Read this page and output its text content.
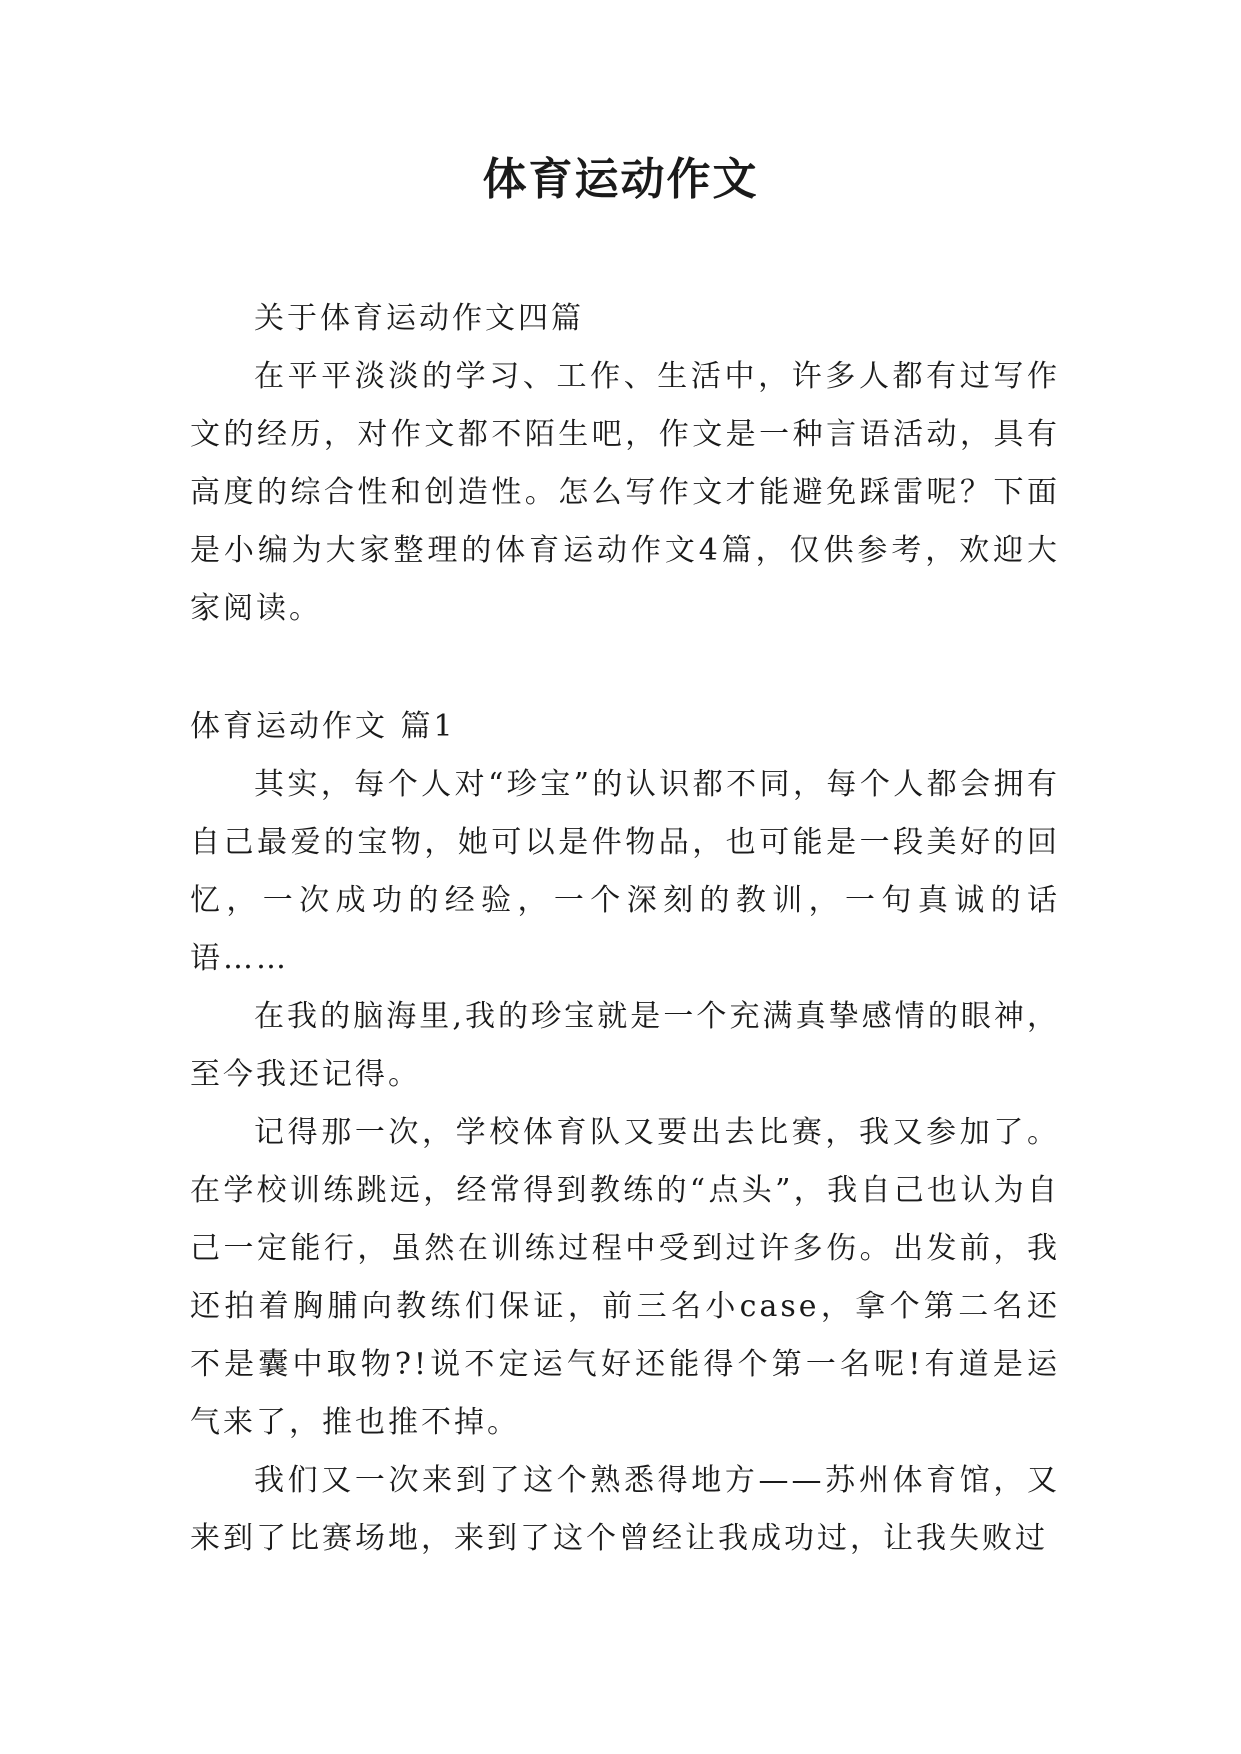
体育运动作文

关于体育运动作文四篇

在平平淡淡的学习、工作、生活中，许多人都有过写作文的经历，对作文都不陌生吧，作文是一种言语活动，具有高度的综合性和创造性。怎么写作文才能避免踩雷呢？下面是小编为大家整理的体育运动作文4篇，仅供参考，欢迎大家阅读。

体育运动作文 篇1

其实，每个人对“珍宝”的认识都不同，每个人都会拥有自己最爱的宝物，她可以是件物品，也可能是一段美好的回忆，一次成功的经验，一个深刻的教训，一句真诚的话语……

在我的脑海里,我的珍宝就是一个充满真挚感情的眼神，至今我还记得。

记得那一次，学校体育队又要出去比赛，我又参加了。在学校训练跳远，经常得到教练的“点头”，我自己也认为自己一定能行，虽然在训练过程中受到过许多伤。出发前，我还拍着胸脯向教练们保证，前三名小case，拿个第二名还不是囊中取物?!说不定运气好还能得个第一名呢!有道是运气来了，推也推不掉。

我们又一次来到了这个熟悉得地方——苏州体育馆，又来到了比赛场地，来到了这个曾经让我成功过，让我失败过
